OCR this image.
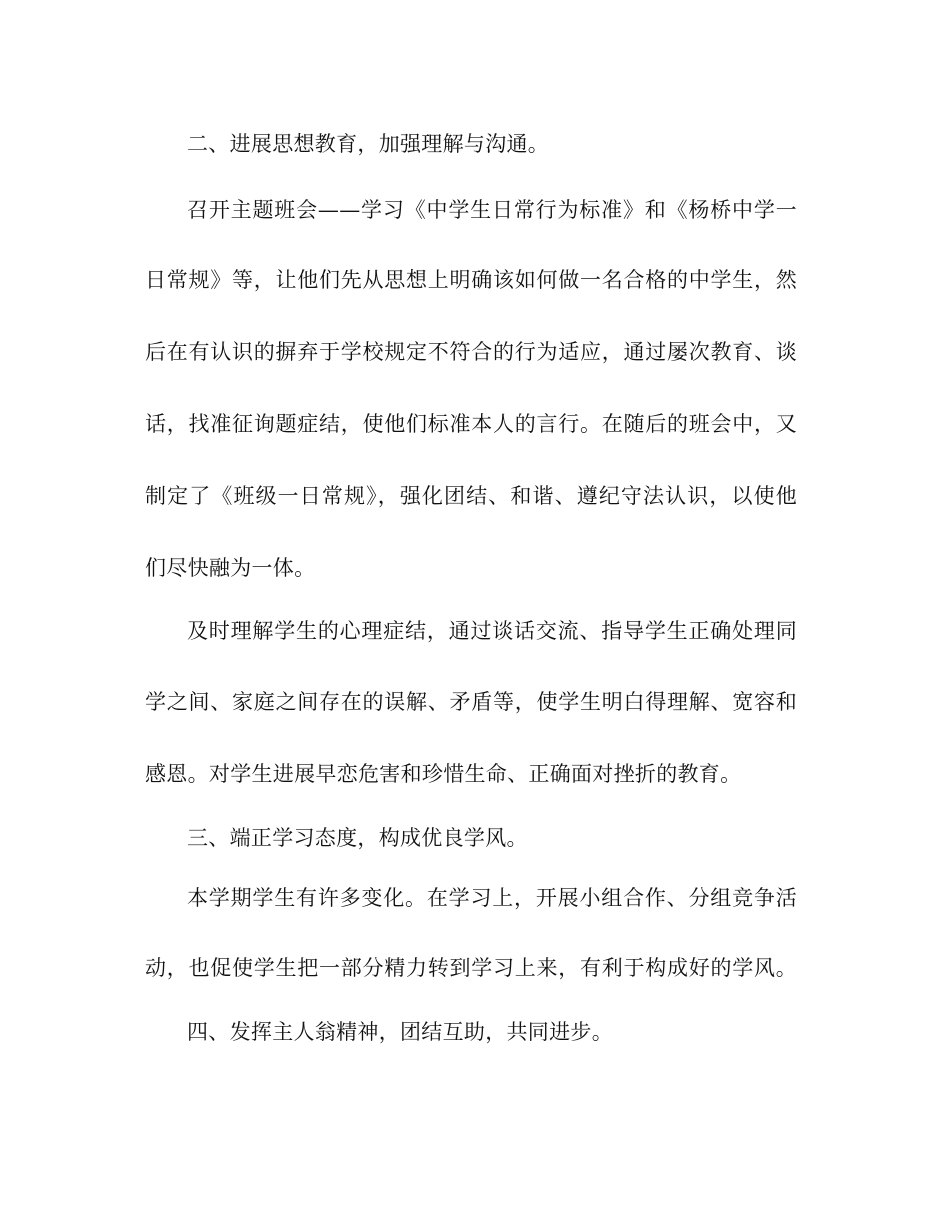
二、进展思想教育，加强理解与沟通。
召开主题班会——学习《中学生日常行为标准》和《杨桥中学一
日常规》等，让他们先从思想上明确该如何做一名合格的中学生，然
后在有认识的摒弃于学校规定不符合的行为适应，通过屡次教育、谈
话，找准征询题症结，使他们标准本人的言行。在随后的班会中，又
制定了《班级一日常规》，强化团结、和谐、遵纪守法认识，以使他
们尽快融为一体。
及时理解学生的心理症结，通过谈话交流、指导学生正确处理同
学之间、家庭之间存在的误解、矛盾等，使学生明白得理解、宽容和
感恩。对学生进展早恋危害和珍惜生命、正确面对挫折的教育。
三、端正学习态度，构成优良学风。
本学期学生有许多变化。在学习上，开展小组合作、分组竞争活
动，也促使学生把一部分精力转到学习上来，有利于构成好的学风。
四、发挥主人翁精神，团结互助，共同进步。
